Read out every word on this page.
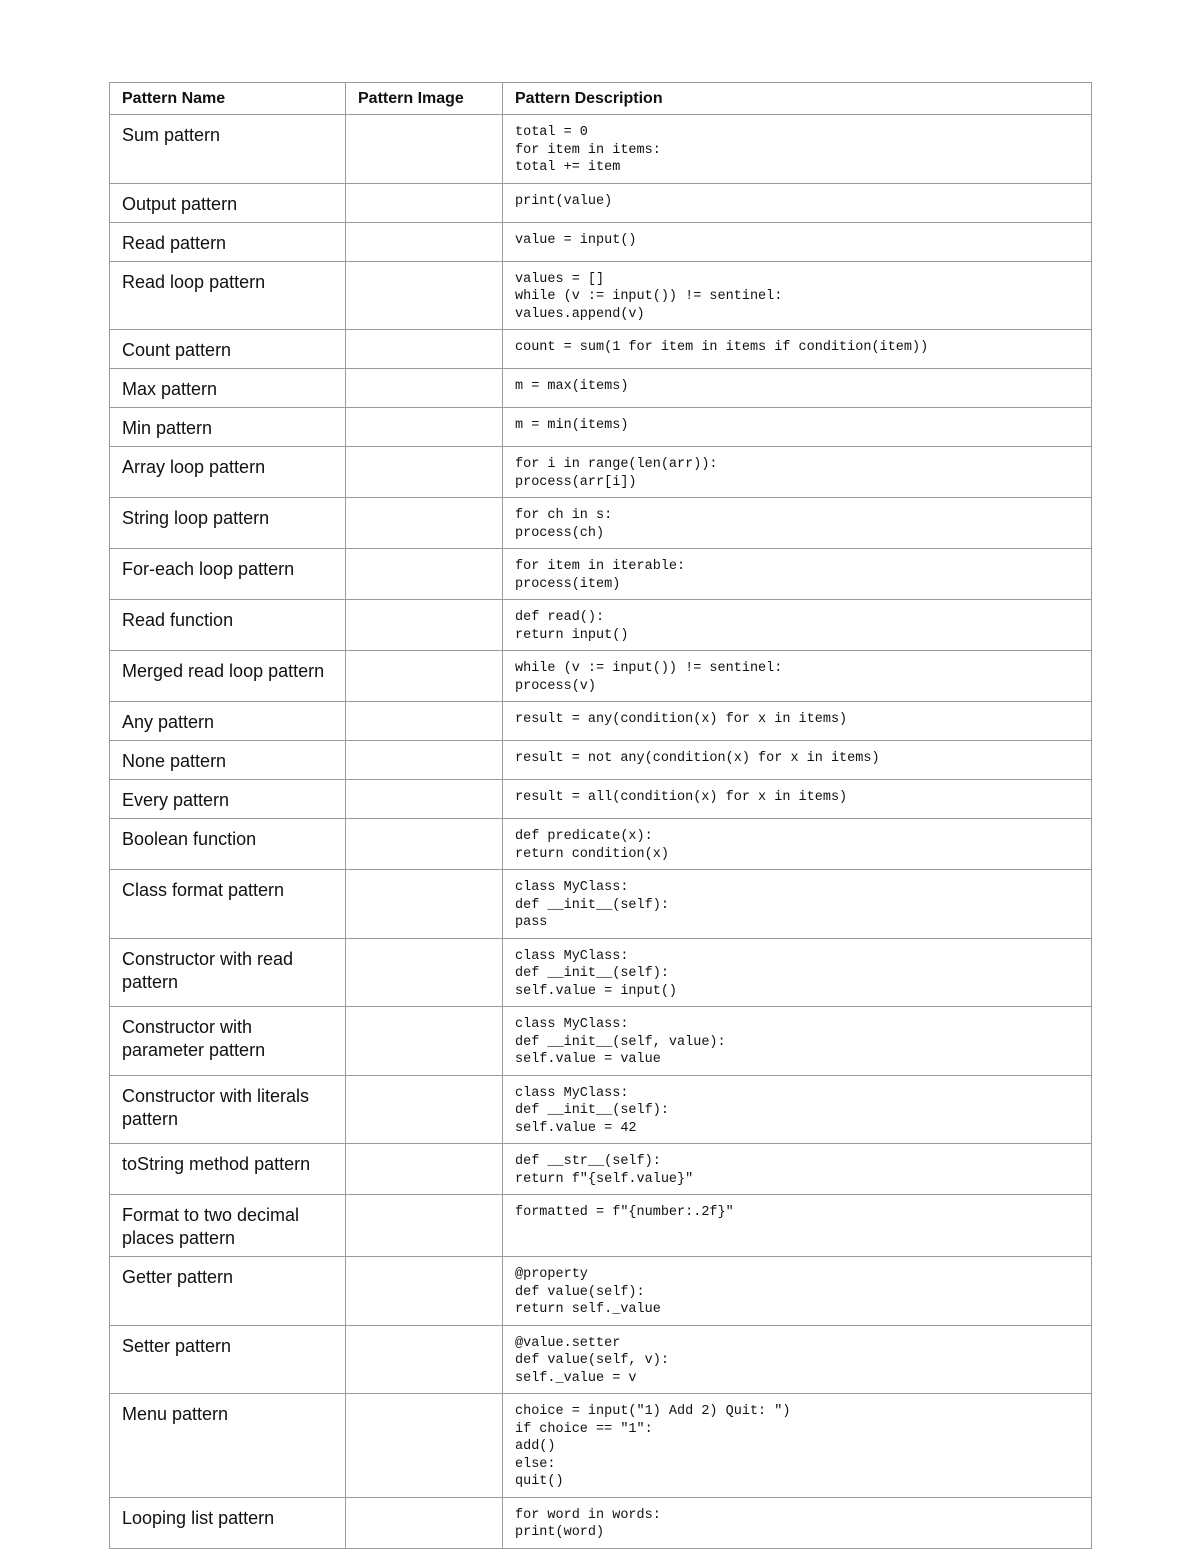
Pattern Name	Pattern Image	Pattern Description
Sum pattern		total = 0
for item in items:
total += item

Output pattern		print(value)

Read pattern		value = input()

Read loop pattern		values = []
while (v := input()) != sentinel:
values.append(v)

Count pattern		count = sum(1 for item in items if condition(item))

Max pattern		m = max(items)

Min pattern		m = min(items)

Array loop pattern		for i in range(len(arr)):
process(arr[i])

String loop pattern		for ch in s:
process(ch)

For-each loop pattern		for item in iterable:
process(item)

Read function		def read():
return input()

Merged read loop pattern		while (v := input()) != sentinel:
process(v)

Any pattern		result = any(condition(x) for x in items)

None pattern		result = not any(condition(x) for x in items)

Every pattern		result = all(condition(x) for x in items)

Boolean function		def predicate(x):
return condition(x)

Class format pattern		class MyClass:
def __init__(self):
pass

Constructor with read pattern		class MyClass:
def __init__(self):
self.value = input()

Constructor with parameter pattern		class MyClass:
def __init__(self, value):
self.value = value

Constructor with literals pattern		class MyClass:
def __init__(self):
self.value = 42

toString method pattern		def __str__(self):
return f"{self.value}"

Format to two decimal places pattern		formatted = f"{number:.2f}"

Getter pattern		@property
def value(self):
return self._value

Setter pattern		@value.setter
def value(self, v):
self._value = v

Menu pattern		choice = input("1) Add 2) Quit: ")
if choice == "1":
add()
else:
quit()

Looping list pattern		for word in words:
print(word)
